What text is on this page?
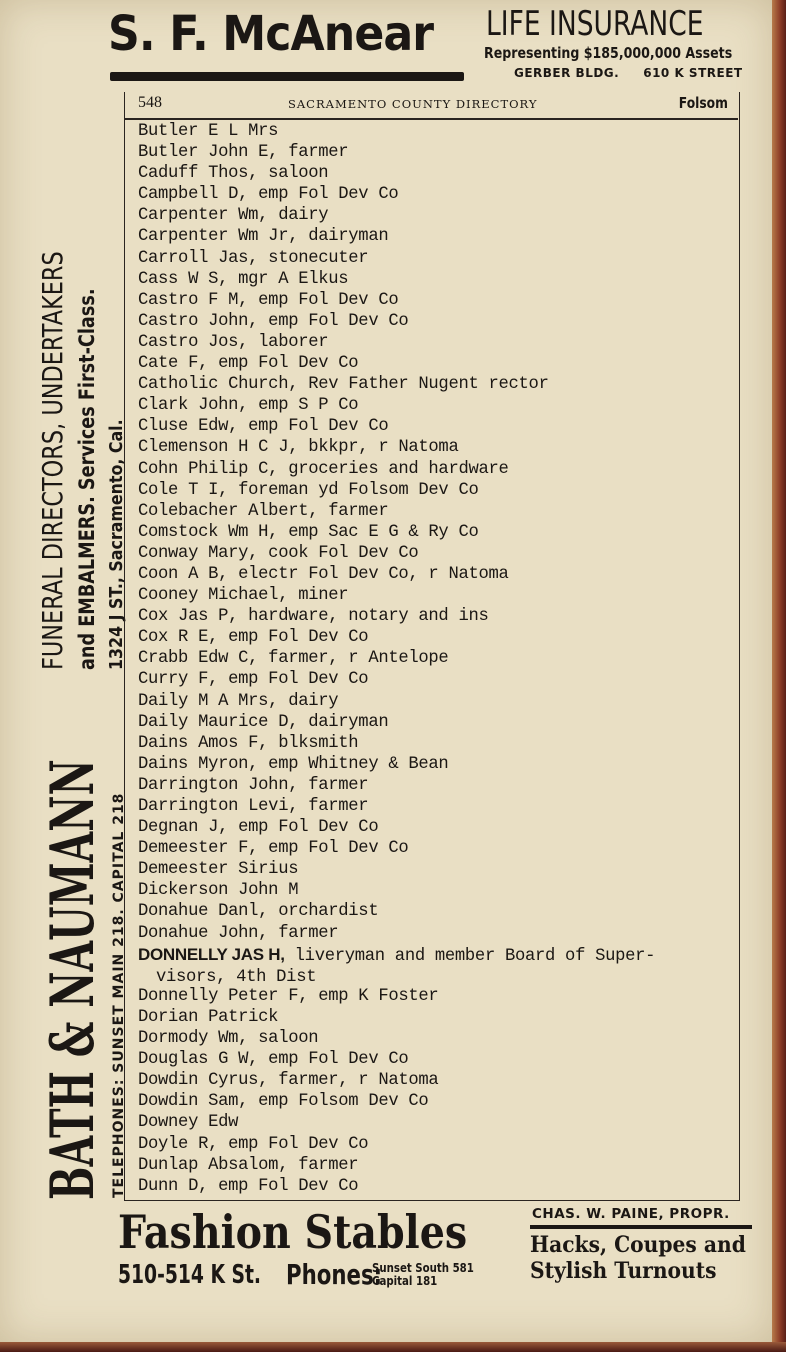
S. F. McAnear LIFE INSURANCE
Representing $185,000,000 Assets
GERBER BLDG. 610 K STREET
BATH & NAUMANN
FUNERAL DIRECTORS, UNDERTAKERS and EMBALMERS. Services First-Class. 1324 J ST., Sacramento, Cal.
TELEPHONES: SUNSET MAIN 218. CAPITAL 218
548	SACRAMENTO COUNTY DIRECTORY	Folsom
Butler E L Mrs
Butler John E, farmer
Caduff Thos, saloon
Campbell D, emp Fol Dev Co
Carpenter Wm, dairy
Carpenter Wm Jr, dairyman
Carroll Jas, stonecuter
Cass W S, mgr A Elkus
Castro F M, emp Fol Dev Co
Castro John, emp Fol Dev Co
Castro Jos, laborer
Cate F, emp Fol Dev Co
Catholic Church, Rev Father Nugent rector
Clark John, emp S P Co
Cluse Edw, emp Fol Dev Co
Clemenson H C J, bkkpr, r Natoma
Cohn Philip C, groceries and hardware
Cole T I, foreman yd Folsom Dev Co
Colebacher Albert, farmer
Comstock Wm H, emp Sac E G & Ry Co
Conway Mary, cook Fol Dev Co
Coon A B, electr Fol Dev Co, r Natoma
Cooney Michael, miner
Cox Jas P, hardware, notary and ins
Cox R E, emp Fol Dev Co
Crabb Edw C, farmer, r Antelope
Curry F, emp Fol Dev Co
Daily M A Mrs, dairy
Daily Maurice D, dairyman
Dains Amos F, blksmith
Dains Myron, emp Whitney & Bean
Darrington John, farmer
Darrington Levi, farmer
Degnan J, emp Fol Dev Co
Demeester F, emp Fol Dev Co
Demeester Sirius
Dickerson John M
Donahue Danl, orchardist
Donahue John, farmer
DONNELLY JAS H, liveryman and member Board of Super-
visors, 4th Dist
Donnelly Peter F, emp K Foster
Dorian Patrick
Dormody Wm, saloon
Douglas G W, emp Fol Dev Co
Dowdin Cyrus, farmer, r Natoma
Dowdin Sam, emp Folsom Dev Co
Downey Edw
Doyle R, emp Fol Dev Co
Dunlap Absalom, farmer
Dunn D, emp Fol Dev Co
Fashion Stables
510-514 K St. Phones:
Sunset South 581
Capital 181
CHAS. W. PAINE, PROPR.
Hacks, Coupes and
Stylish Turnouts
